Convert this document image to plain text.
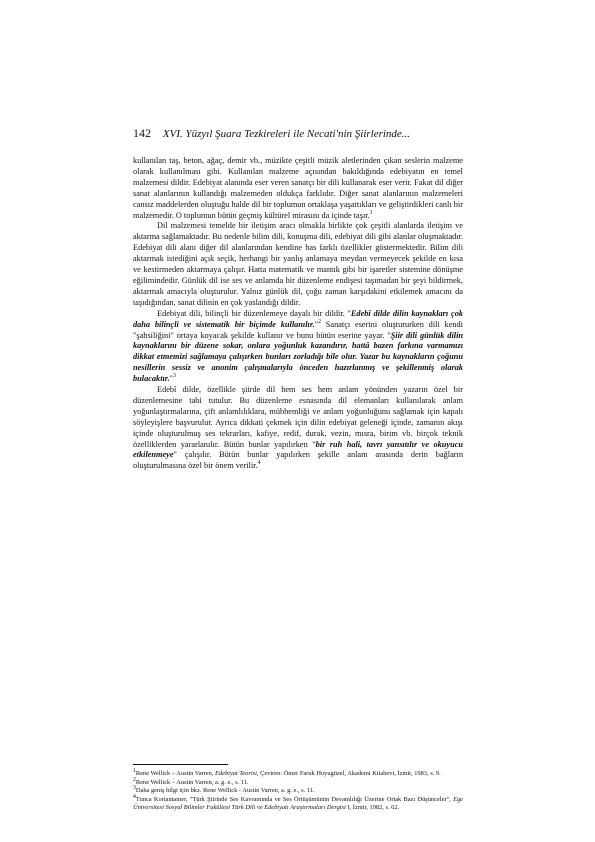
142 XVI. Yüzyıl Şuara Tezkireleri ile Necati'nin Şiirlerinde...

kullanılan taş, beton, ağaç, demir vb., müzikte çeşitli müzik aletlerinden çıkan seslerin malzeme olarak kullanılması gibi. Kullanılan malzeme açısından bakıldığında edebiyatın en temel malzemesi dildir. Edebiyat alanında eser veren sanatçı bir dili kullanarak eser verir. Fakat dil diğer sanat alanlarının kullandığı malzemeden oldukça farklıdır. Diğer sanat alanlarının malzemeleri cansız maddelerden oluştuğu halde dil bir toplumun ortaklaşa yaşattıkları ve geliştirdikleri canlı bir malzemedir. O toplumun bütün geçmiş kültürel mirasını da içinde taşır.$^1$

Dil malzemesi temelde bir iletişim aracı olmakla birlikte çok çeşitli alanlarda iletişim ve aktarma sağlamaktadır. Bu nedenle bilim dili, konuşma dili, edebiyat dili gibi alanlar oluşmaktadır. Edebiyat dili alanı diğer dil alanlarından kendine has farklı özellikler göstermektedir. Bilim dili aktarmak istediğini açık seçik, herhangi bir yanlış anlamaya meydan vermeyecek şekilde en kısa ve kestirmeden aktarmaya çalışır. Hatta matematik ve mantık gibi bir işaretler sistemine dönüşme eğilimindedir. Günlük dil ise ses ve anlamda bir düzenleme endişesi taşımadan bir şeyi bildirmek, aktarmak amacıyla oluşturulur. Yalnız günlük dil, çoğu zaman karşıdakini etkilemek amacını da taşıdığından, sanat dilinin en çok yaslandığı dildir.

Edebiyat dili, bilinçli bir düzenlemeye dayalı bir dildir. "Edebî dilde dilin kaynakları çok daha bilinçli ve sistematik bir biçimde kullanılır."$^2$ Sanatçı eserini oluştururken dili kendi "şahsiliğini" ortaya koyacak şekilde kullanır ve bunu bütün eserine yayar. "Şiir dili günlük dilin kaynaklarını bir düzene sokar, onlara yoğunluk kazandırır, hattâ bazen farkına varmamızı dikkat etmemizi sağlamaya çalışırken bunları zorladığı bile olur. Yazar bu kaynakların çoğunu nesillerin sessiz ve anonim çalışmalarıyla önceden hazırlanmış ve şekillenmiş olarak bulacaktır."$^3$

Edebî dilde, özellikle şiirde dil hem ses hem anlam yönünden yazarın özel bir düzenlemesine tabi tutulur. Bu düzenleme esnasında dil elemanları kullanılarak anlam yoğunlaştırmalarına, çift anlamlılıklara, mübhemliği ve anlam yoğunluğunu sağlamak için kapalı söyleyişlere başvurulur. Ayrıca dikkati çekmek için dilin edebiyat geleneği içinde, zamanın akışı içinde oluşturulmuş ses tekrarları, kafiye, redif, durak, vezin, mısra, birim vb. birçok teknik özelliklerden yararlanılır. Bütün bunlar yapılırken "bir ruh hali, tavrı yansıtılır ve okuyucu etkilenmeye" çalışılır. Bütün bunlar yapılırken şekille anlam arasında derin bağların oluşturulmasına özel bir önem verilir.$^4$

$^1$Rene Wellick – Austin Varren, Edebiyat Teorisi, Çeviren: Ömer Faruk Huyugüzel, Akademi Kitabevi, İzmir, 1983, s. 9.

$^2$Rene Wellick – Austin Varren, a. g. e., s. 11.

$^3$Daha geniş bilgi için bkz. Rene Wellick - Austin Varren, a. g. e., s. 11.

$^4$Tunca Kortantamer, "Türk Şiirinde Ses Kavramında ve Ses Örtüşümünün Devamlılığı Üzerine Ortak Bazı Düşünceler", Ege Üniversitesi Sosyal Bilimler Fakültesi Türk Dili ve Edebiyatı Araştırmaları Dergisi I, İzmir, 1982, s. 62.
